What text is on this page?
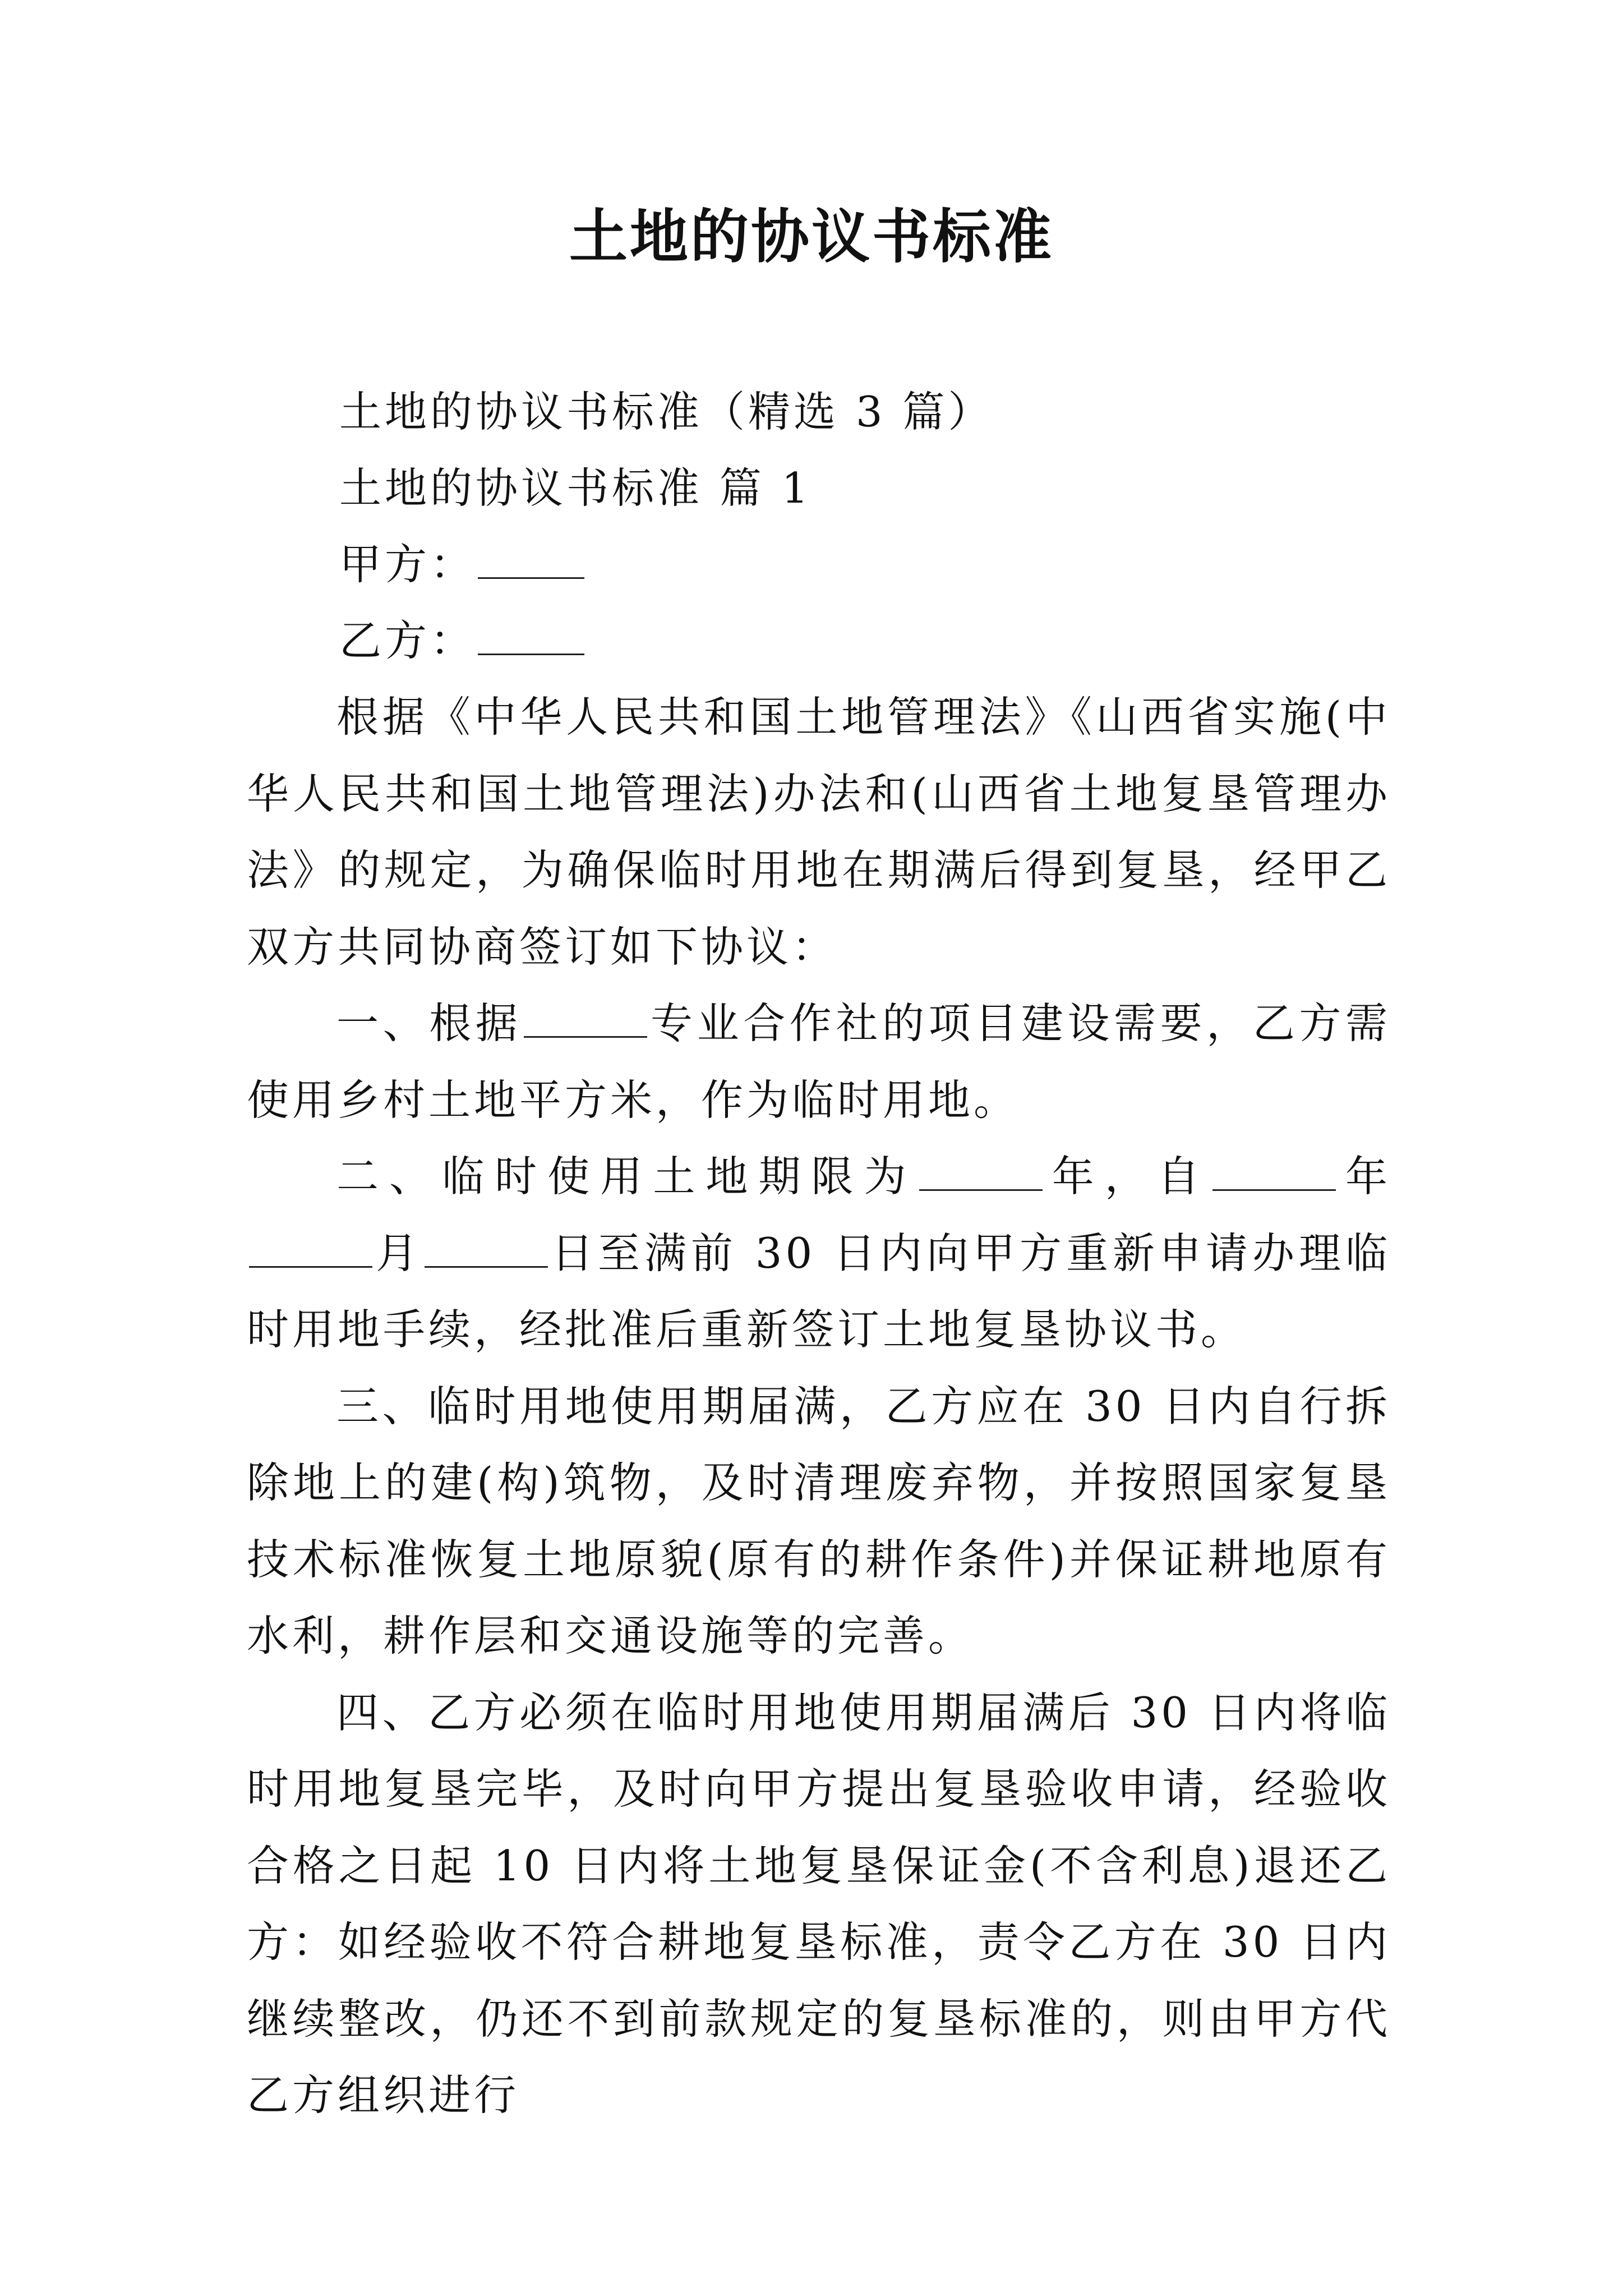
土地的协议书标准
土地的协议书标准（精选 3 篇）
土地的协议书标准 篇 1
甲方：
乙方：

根据《中华人民共和国土地管理法》《山西省实施(中华人民共和国土地管理法)办法和(山西省土地复垦管理办法》的规定，为确保临时用地在期满后得到复垦，经甲乙双方共同协商签订如下协议：

一、根据	专业合作社的项目建设需要，乙方需使用乡村土地平方米，作为临时用地。

二、临时使用土地期限为	年，自	年月	日至满前 30 日内向甲方重新申请办理临时用地手续，经批准后重新签订土地复垦协议书。

三、临时用地使用期届满，乙方应在 30 日内自行拆除地上的建(构)筑物，及时清理废弃物，并按照国家复垦技术标准恢复土地原貌(原有的耕作条件)并保证耕地原有水利，耕作层和交通设施等的完善。

四、乙方必须在临时用地使用期届满后 30 日内将临时用地复垦完毕，及时向甲方提出复垦验收申请，经验收合格之日起 10 日内将土地复垦保证金(不含利息)退还乙方：如经验收不符合耕地复垦标准，责令乙方在 30 日内继续整改，仍还不到前款规定的复垦标准的，则由甲方代乙方组织进行
